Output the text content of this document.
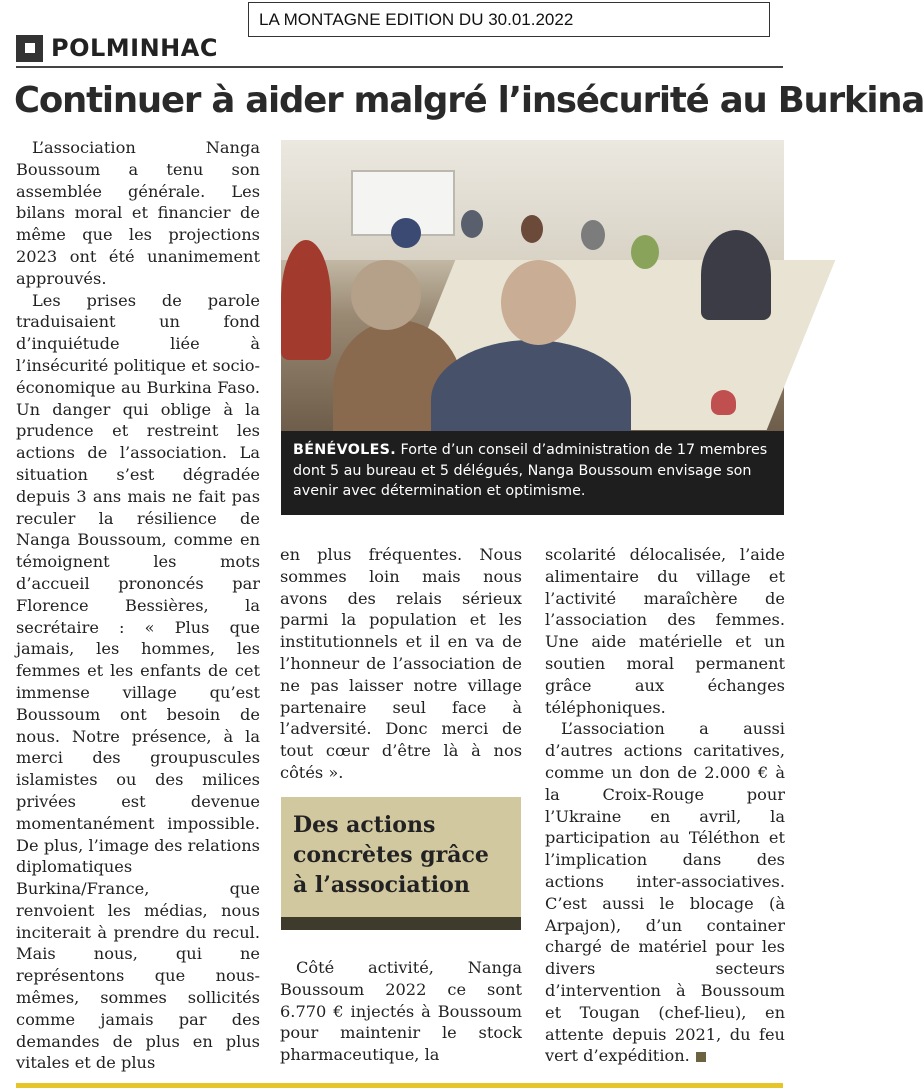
LA MONTAGNE EDITION DU 30.01.2022
POLMINHAC
Continuer à aider malgré l’insécurité au Burkina

L’association Nanga Boussoum a tenu son assemblée générale. Les bilans moral et financier de même que les projections 2023 ont été unanimement approuvés.

Les prises de parole traduisaient un fond d’inquiétude liée à l’insécurité politique et socio-économique au Burkina Faso. Un danger qui oblige à la prudence et restreint les actions de l’association. La situation s’est dégradée depuis 3 ans mais ne fait pas reculer la résilience de Nanga Boussoum, comme en témoignent les mots d’accueil prononcés par Florence Bessières, la secrétaire : « Plus que jamais, les hommes, les femmes et les enfants de cet immense village qu’est Boussoum ont besoin de nous. Notre présence, à la merci des groupuscules islamistes ou des milices privées est devenue momentanément impossible. De plus, l’image des relations diplomatiques Burkina/France, que renvoient les médias, nous inciterait à prendre du recul. Mais nous, qui ne représentons que nous-mêmes, sommes sollicités comme jamais par des demandes de plus en plus vitales et de plus

BÉNÉVOLES. Forte d’un conseil d’administration de 17 membres dont 5 au bureau et 5 délégués, Nanga Boussoum envisage son avenir avec détermination et optimisme.

en plus fréquentes. Nous sommes loin mais nous avons des relais sérieux parmi la population et les institutionnels et il en va de l’honneur de l’association de ne pas laisser notre village partenaire seul face à l’adversité. Donc merci de tout cœur d’être là à nos côtés ».

Des actions
concrètes grâce
à l’association

Côté activité, Nanga Boussoum 2022 ce sont 6.770 € injectés à Boussoum pour maintenir le stock pharmaceutique, la

scolarité délocalisée, l’aide alimentaire du village et l’activité maraîchère de l’association des femmes. Une aide matérielle et un soutien moral permanent grâce aux échanges téléphoniques.

L’association a aussi d’autres actions caritatives, comme un don de 2.000 € à la Croix-Rouge pour l’Ukraine en avril, la participation au Téléthon et l’implication dans des actions inter-associatives. C’est aussi le blocage (à Arpajon), d’un container chargé de matériel pour les divers secteurs d’intervention à Boussoum et Tougan (chef-lieu), en attente depuis 2021, du feu vert d’expédition.
